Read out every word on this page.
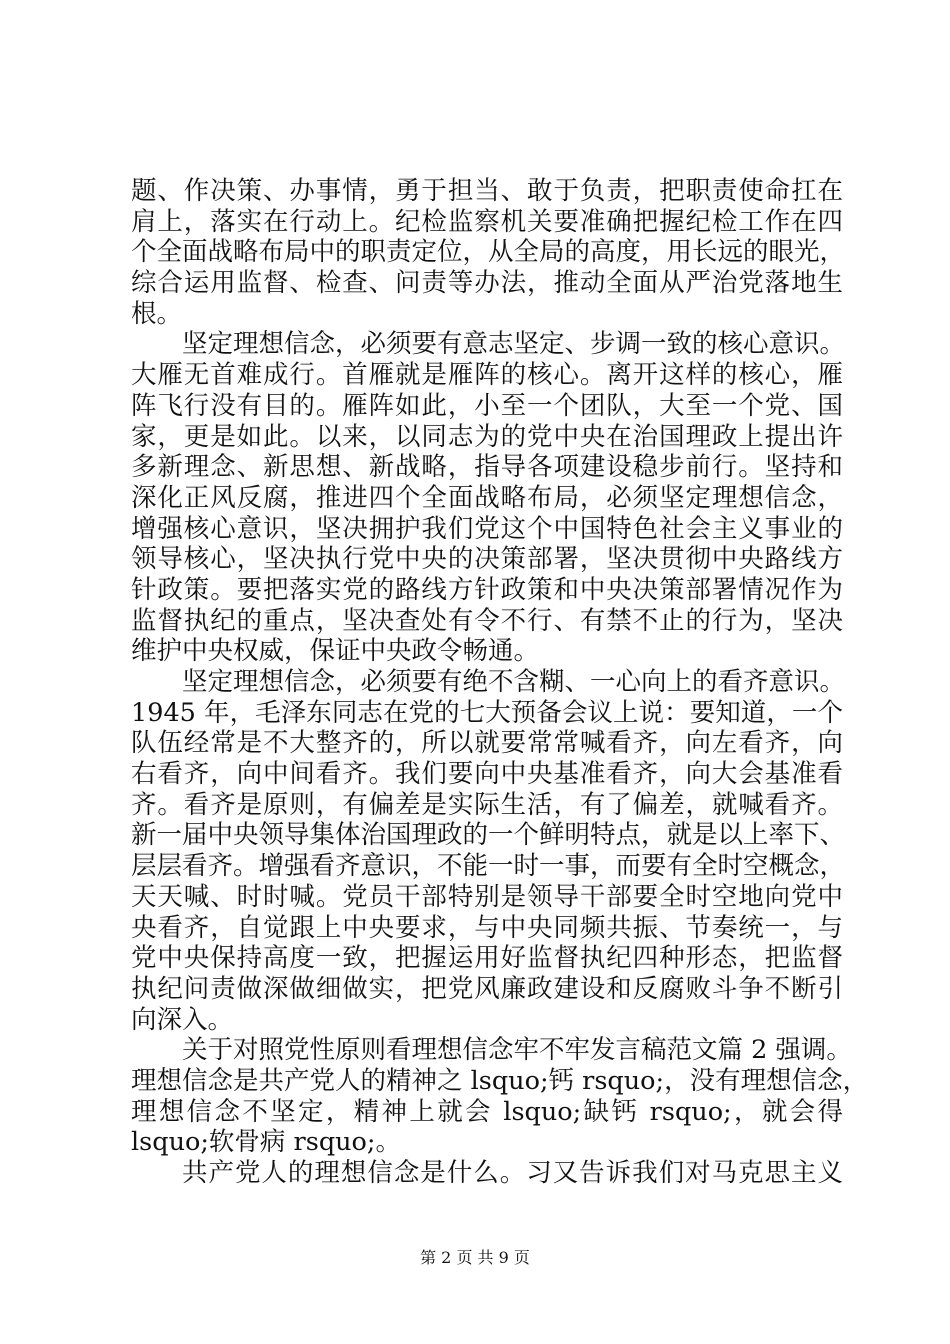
题、作决策、办事情，勇于担当、敢于负责，把职责使命扛在
肩上，落实在行动上。纪检监察机关要准确把握纪检工作在四
个全面战略布局中的职责定位，从全局的高度，用长远的眼光，
综合运用监督、检查、问责等办法，推动全面从严治党落地生
根。
坚定理想信念，必须要有意志坚定、步调一致的核心意识。
大雁无首难成行。首雁就是雁阵的核心。离开这样的核心，雁
阵飞行没有目的。雁阵如此，小至一个团队，大至一个党、国
家，更是如此。以来，以同志为的党中央在治国理政上提出许
多新理念、新思想、新战略，指导各项建设稳步前行。坚持和
深化正风反腐，推进四个全面战略布局，必须坚定理想信念，
增强核心意识，坚决拥护我们党这个中国特色社会主义事业的
领导核心，坚决执行党中央的决策部署，坚决贯彻中央路线方
针政策。要把落实党的路线方针政策和中央决策部署情况作为
监督执纪的重点，坚决查处有令不行、有禁不止的行为，坚决
维护中央权威，保证中央政令畅通。
坚定理想信念，必须要有绝不含糊、一心向上的看齐意识。
1945 年，毛泽东同志在党的七大预备会议上说：要知道，一个
队伍经常是不大整齐的，所以就要常常喊看齐，向左看齐，向
右看齐，向中间看齐。我们要向中央基准看齐，向大会基准看
齐。看齐是原则，有偏差是实际生活，有了偏差，就喊看齐。
新一届中央领导集体治国理政的一个鲜明特点，就是以上率下、
层层看齐。增强看齐意识，不能一时一事，而要有全时空概念，
天天喊、时时喊。党员干部特别是领导干部要全时空地向党中
央看齐，自觉跟上中央要求，与中央同频共振、节奏统一，与
党中央保持高度一致，把握运用好监督执纪四种形态，把监督
执纪问责做深做细做实，把党风廉政建设和反腐败斗争不断引
向深入。
关于对照党性原则看理想信念牢不牢发言稿范文篇 2 强调。
理想信念是共产党人的精神之 lsquo;钙 rsquo;，没有理想信念，
理想信念不坚定，精神上就会 lsquo;缺钙 rsquo;，就会得
lsquo;软骨病 rsquo;。
共产党人的理想信念是什么。习又告诉我们对马克思主义
第 2 页 共 9 页
